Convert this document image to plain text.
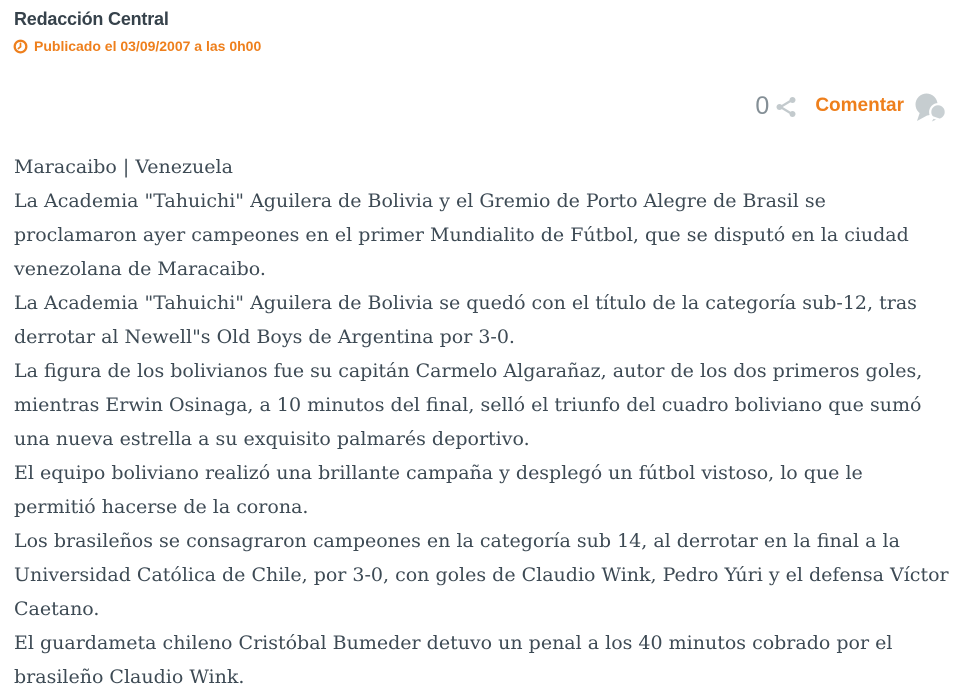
Redacción Central
Publicado el 03/09/2007 a las 0h00
0 Comentar
Maracaibo | Venezuela
La Academia "Tahuichi" Aguilera de Bolivia y el Gremio de Porto Alegre de Brasil se
proclamaron ayer campeones en el primer Mundialito de Fútbol, que se disputó en la ciudad
venezolana de Maracaibo.
La Academia "Tahuichi" Aguilera de Bolivia se quedó con el título de la categoría sub-12, tras
derrotar al Newell"s Old Boys de Argentina por 3-0.
La figura de los bolivianos fue su capitán Carmelo Algarañaz, autor de los dos primeros goles,
mientras Erwin Osinaga, a 10 minutos del final, selló el triunfo del cuadro boliviano que sumó
una nueva estrella a su exquisito palmarés deportivo.
El equipo boliviano realizó una brillante campaña y desplegó un fútbol vistoso, lo que le
permitió hacerse de la corona.
Los brasileños se consagraron campeones en la categoría sub 14, al derrotar en la final a la
Universidad Católica de Chile, por 3-0, con goles de Claudio Wink, Pedro Yúri y el defensa Víctor
Caetano.
El guardameta chileno Cristóbal Bumeder detuvo un penal a los 40 minutos cobrado por el
brasileño Claudio Wink.
